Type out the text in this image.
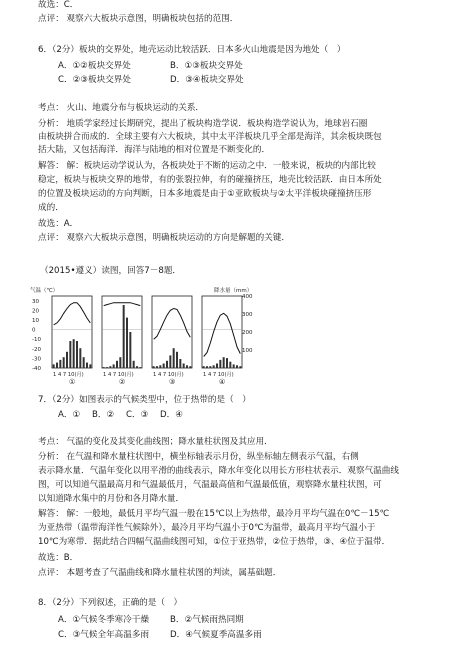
故选：C．
点评： 观察六大板块示意图，明确板块包括的范围．
6．（2分）板块的交界处，地壳运动比较活跃．日本多火山地震是因为地处（　）
A．①②板块交界处	B．①③板块交界处
C．②③板块交界处	D．③④板块交界处
考点： 火山、地震分布与板块运动的关系．
分析： 地质学家经过长期研究，提出了板块构造学说．板块构造学说认为，地球岩石圈
由板块拼合而成的．全球主要有六大板块，其中太平洋板块几乎全部是海洋，其余板块既包
括大陆，又包括海洋．海洋与陆地的相对位置是不断变化的．
解答： 解：板块运动学说认为，各板块处于不断的运动之中．一般来说，板块的内部比较
稳定，板块与板块交界的地带，有的张裂拉伸，有的碰撞挤压，地壳比较活跃．由日本所处
的位置及板块运动的方向判断，日本多地震是由于①亚欧板块与②太平洋板块碰撞挤压形
成的．
故选：A．
点评： 观察六大板块示意图，明确板块运动的方向是解题的关键．
（2015•遵义）读图，回答7－8题．
气温（℃）	降水量（mm）
30
20
10
0
-10
-20
-30
-40
400
300
200
100
1 4 7 10(月)
①
1 4 7 10(月)
②
1 4 7 10(月)
③
1 4 7 10(月)
④
7．（2分）如图表示的气候类型中，位于热带的是（　）
A．① B．② C．③ D．④
考点： 气温的变化及其变化曲线图；降水量柱状图及其应用．
分析： 在气温和降水量柱状图中，横坐标轴表示月份，纵坐标轴左侧表示气温，右侧
表示降水量．气温年变化以用平滑的曲线表示，降水年变化以用长方形柱状表示．观察气温曲线
图，可以知道气温最高月和气温最低月，气温最高值和气温最低值，观察降水量柱状图，可
以知道降水集中的月份和各月降水量．
解答： 解：一般地，最低月平均气温一般在15℃以上为热带，最冷月平均气温在0℃－15℃
为亚热带（温带海洋性气候除外），最冷月平均气温小于0℃为温带，最高月平均气温小于
10℃为寒带．据此结合四幅气温曲线图可知，①位于亚热带，②位于热带，③、④位于温带．
故选：B．
点评： 本题考查了气温曲线和降水量柱状图的判读，属基础题．
8．（2分）下列叙述，正确的是（　）
A．①气候冬季寒冷干燥 B．②气候雨热同期
C．③气候全年高温多雨 D．④气候夏季高温多雨
